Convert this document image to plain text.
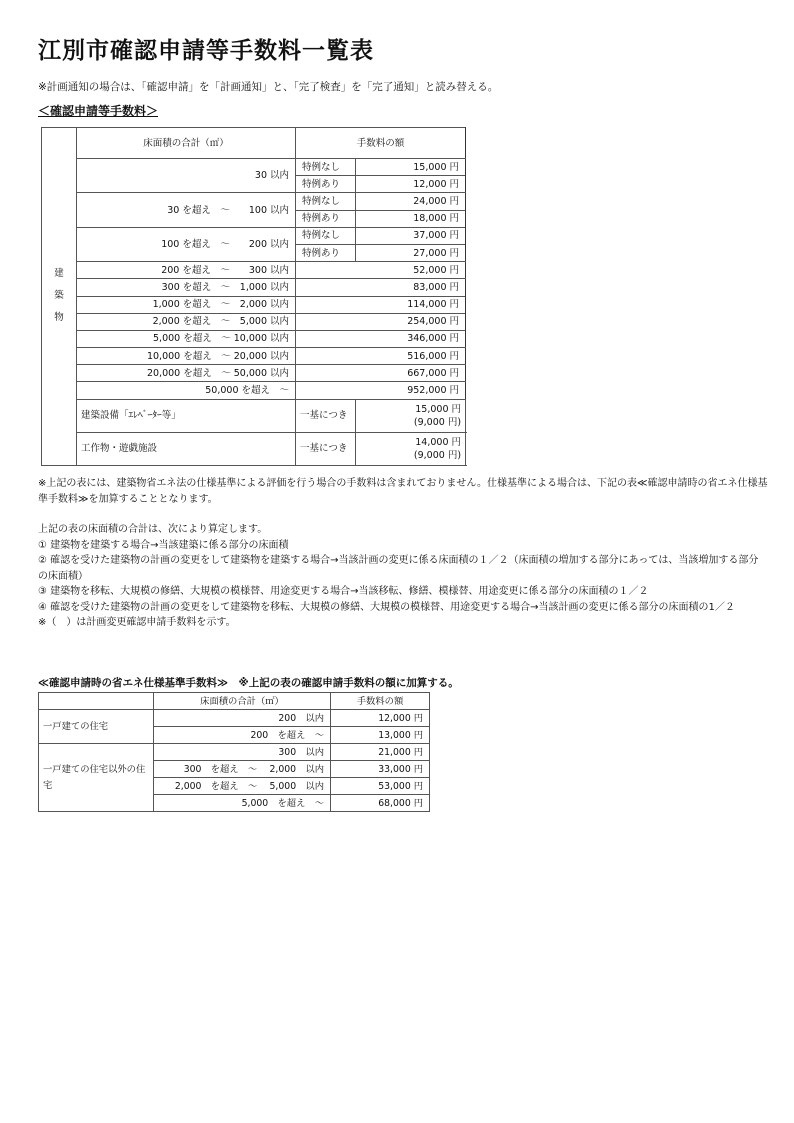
江別市確認申請等手数料一覧表
※計画通知の場合は、「確認申請」を「計画通知」と、「完了検査」を「完了通知」と読み替える。
＜確認申請等手数料＞
建
築
物	床面積の合計（㎡）	手数料の額	
	30 以内	特例なし	15,000 円
		特例あり	12,000 円
	30 を超え　～　　100 以内	特例なし	24,000 円
		特例あり	18,000 円
	100 を超え　～　　200 以内	特例なし	37,000 円
		特例あり	27,000 円
	200 を超え　～　　300 以内	52,000 円	
	300 を超え　～　1,000 以内	83,000 円	
	1,000 を超え　～　2,000 以内	114,000 円	
	2,000 を超え　～　5,000 以内	254,000 円	
	5,000 を超え　～ 10,000 以内	346,000 円	
	10,000 を超え　～ 20,000 以内	516,000 円	
	20,000 を超え　～ 50,000 以内	667,000 円	
	50,000 を超え　～	952,000 円	
	建築設備「ｴﾚﾍﾞｰﾀｰ等」	一基につき	15,000 円
(9,000 円)

	工作物・遊戯施設	一基につき	14,000 円
(9,000 円)

※上記の表には、建築物省エネ法の仕様基準による評価を行う場合の手数料は含まれておりません。仕様基準による場合は、下記の表≪確認申請時の省エネ仕様基準手数料≫を加算することとなります。

上記の表の床面積の合計は、次により算定します。

① 建築物を建築する場合→当該建築に係る部分の床面積

② 確認を受けた建築物の計画の変更をして建築物を建築する場合→当該計画の変更に係る床面積の１／２（床面積の増加する部分にあっては、当該増加する部分の床面積）

③ 建築物を移転、大規模の修繕、大規模の模様替、用途変更する場合→当該移転、修繕、模様替、用途変更に係る部分の床面積の１／２

④ 確認を受けた建築物の計画の変更をして建築物を移転、大規模の修繕、大規模の模様替、用途変更する場合→当該計画の変更に係る部分の床面積の1／２

※（　）は計画変更確認申請手数料を示す。

≪確認申請時の省エネ仕様基準手数料≫　※上記の表の確認申請手数料の額に加算する。
	床面積の合計（㎡）	手数料の額
一戸建ての住宅	200　以内	12,000 円
	200　を超え　～	13,000 円
一戸建ての住宅以外の住宅	300　以内	21,000 円
	300　を超え　～　 2,000　以内	33,000 円
	2,000　を超え　～　 5,000　以内	53,000 円
	5,000　を超え　～	68,000 円
